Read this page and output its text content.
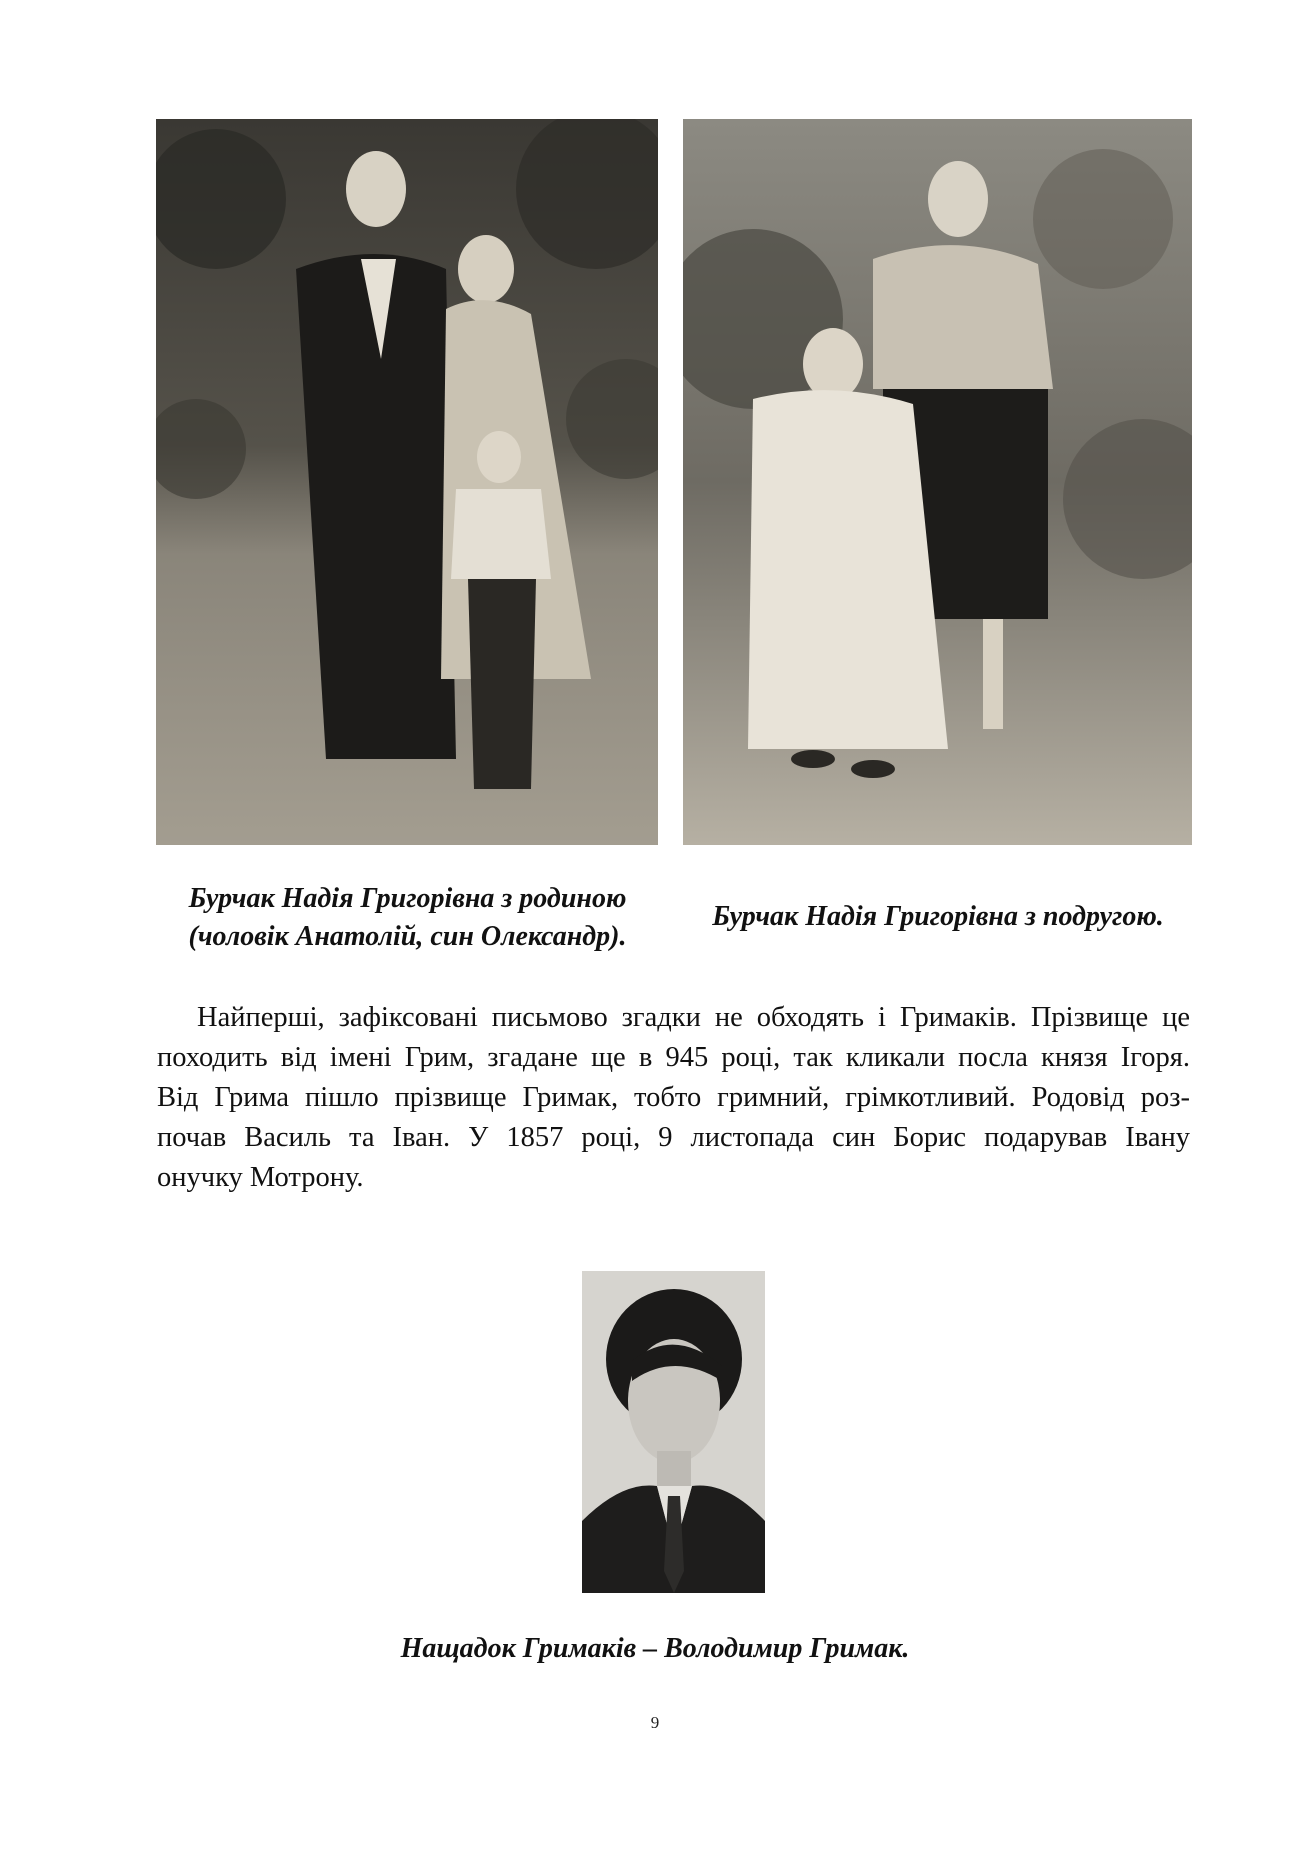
Бурчак Надія Григорівна з родиною
(чоловік Анатолій, син Олександр).
Бурчак Надія Григорівна з подругою.
Найперші, зафіксовані письмово згадки не обходять і Гримаків. Прізвище це
походить від імені Грим, згадане ще в 945 році, так кликали посла князя Ігоря.
Від Грима пішло прізвище Гримак, тобто гримний, грімкотливий. Родовід роз-
почав Василь та Іван. У 1857 році, 9 листопада син Борис подарував Івану
онучку Мотрону.
Нащадок Гримаків – Володимир Гримак.
9
